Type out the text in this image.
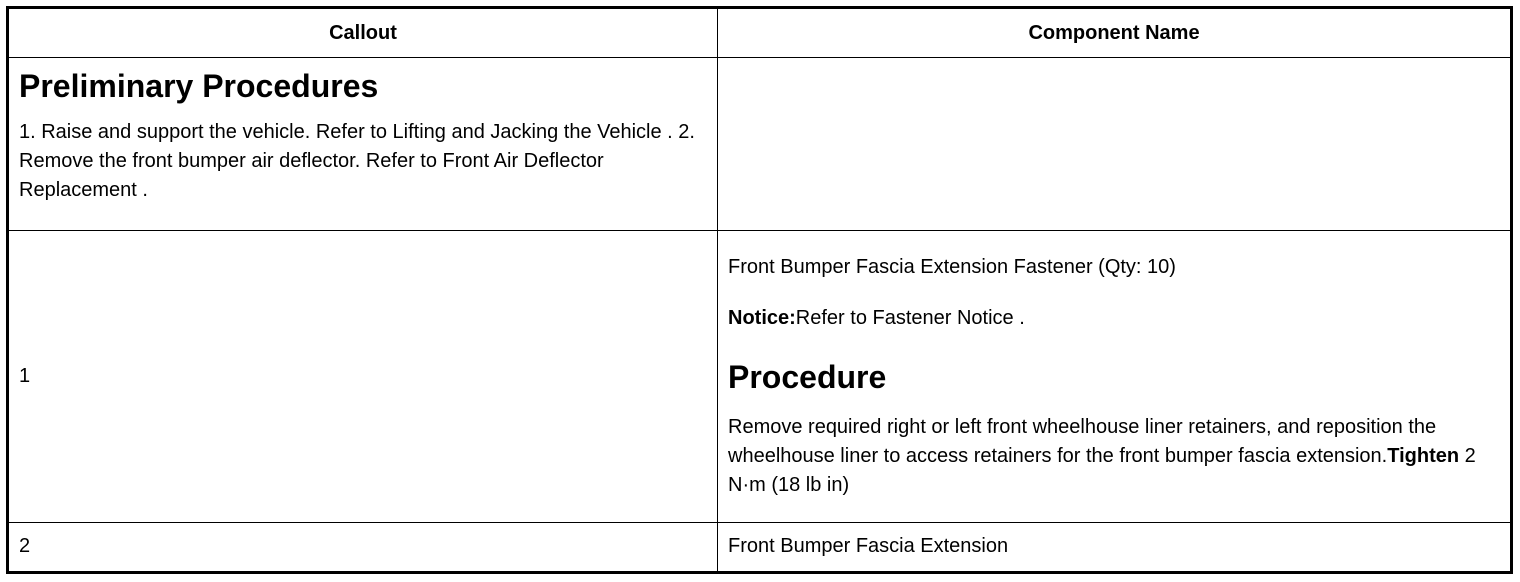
Callout	Component Name

Preliminary Procedures
1. Raise and support the vehicle. Refer to Lifting and Jacking the Vehicle . 2. Remove the front bumper air deflector. Refer to Front Air Deflector Replacement .	

1	Front Bumper Fascia Extension Fastener (Qty: 10)
Notice:Refer to Fastener Notice .
Procedure
Remove required right or left front wheelhouse liner retainers, and reposition the wheelhouse liner to access retainers for the front bumper fascia extension.Tighten 2 N·m (18 lb in)

2	Front Bumper Fascia Extension
